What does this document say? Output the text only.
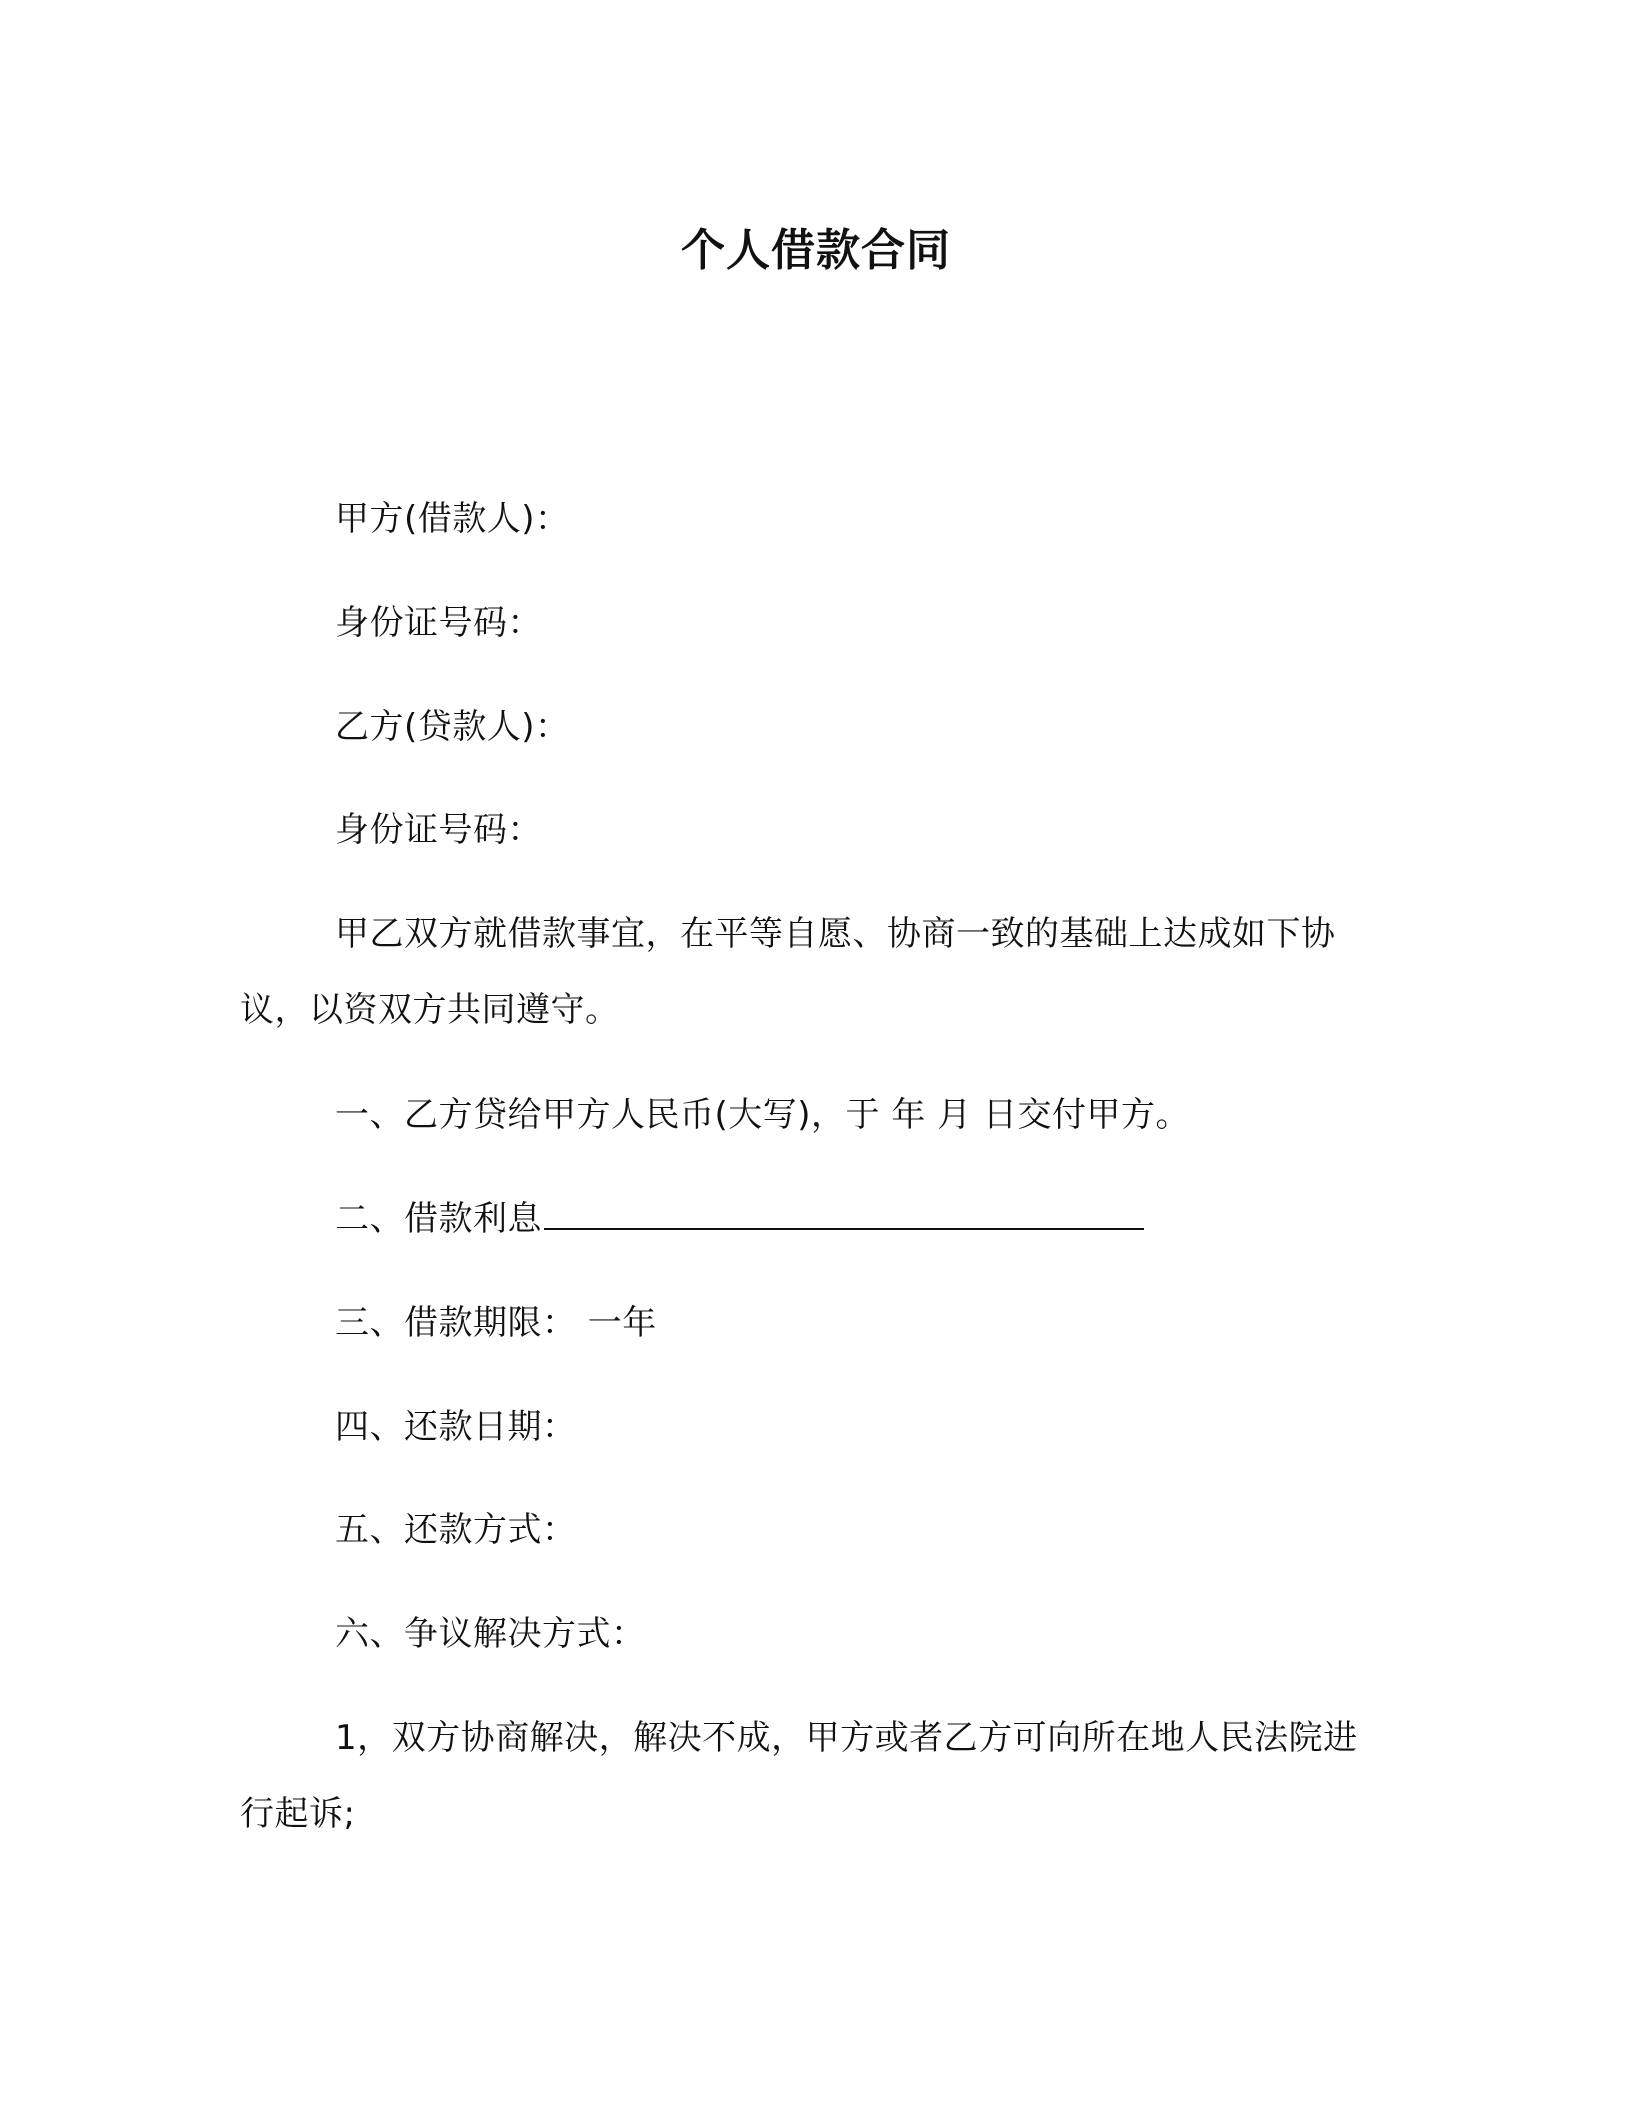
个人借款合同
甲方(借款人)：
身份证号码：
乙方(贷款人)：
身份证号码：
甲乙双方就借款事宜，在平等自愿、协商一致的基础上达成如下协议，以资双方共同遵守。
一、乙方贷给甲方人民币(大写)，于 年 月 日交付甲方。
二、借款利息
三、借款期限： 一年
四、还款日期：
五、还款方式：
六、争议解决方式：
1，双方协商解决，解决不成，甲方或者乙方可向所在地人民法院进行起诉;
